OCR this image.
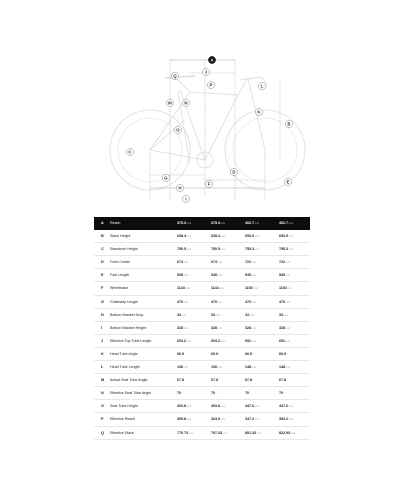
A
J
P
Q
L
M	N
K
O
B
C
D
E
F
G
H
I
A Reach	375.3mm	375.3mm	402.7mm	402.7mm
B Stack Height	638.4mm	638.4mm	653.9mm	653.9mm
C Standover Height	750.5mm	750.5mm	755.3mm	755.3mm
D Front Center	674mm	674mm	722mm	722mm
E Fork Length	545mm	545mm	545mm	545mm
F Wheelbase	1144mm	1144mm	1192mm	1192mm
G Chainstay Length	470mm	470mm	470mm	470mm
H Bottom Bracket Drop	33mm	33mm	33mm	33mm
I Bottom Bracket Height	328mm	328mm	328mm	328mm
J Effective Top Tube Length	603.2mm	603.2mm	651mm	651mm
K Head Tube Angle	66.9°	66.9°	66.9°	66.9°
L Head Tube Length	130mm	130mm	148mm	148mm
M Actual Seat Tube Angle	67.8°	67.8°	67.8°	67.8°
N Effective Seat Tube Angle	70°	70°	70°	70°
O Seat Tube Height	403.8mm	403.8mm	447.6mm	447.6mm
P Effective Reach	309.8mm	324.9mm	347.2mm	353.2mm
Q Effective Stack	776.73mm	797.33mm	801.33mm	822.93mm
